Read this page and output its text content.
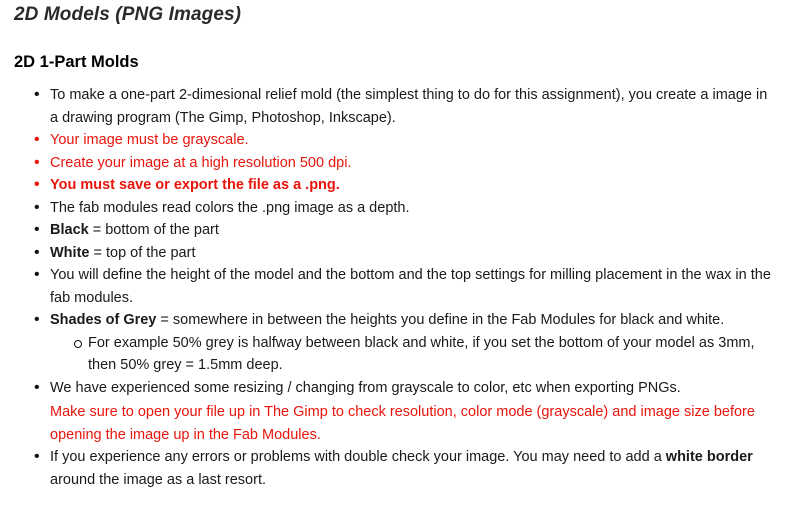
2D Models (PNG Images)
2D 1-Part Molds
• To make a one-part 2-dimesional relief mold (the simplest thing to do for this assignment), you create a image in a drawing program (The Gimp, Photoshop, Inkscape).
• Your image must be grayscale.
• Create your image at a high resolution 500 dpi.
• You must save or export the file as a .png.
• The fab modules read colors the .png image as a depth.
• Black = bottom of the part
• White = top of the part
• You will define the height of the model and the bottom and the top settings for milling placement in the wax in the fab modules.
• Shades of Grey = somewhere in between the heights you define in the Fab Modules for black and white.
For example 50% grey is halfway between black and white, if you set the bottom of your model as 3mm, then 50% grey = 1.5mm deep.
• We have experienced some resizing / changing from grayscale to color, etc when exporting PNGs.
Make sure to open your file up in The Gimp to check resolution, color mode (grayscale) and image size before opening the image up in the Fab Modules.
• If you experience any errors or problems with double check your image. You may need to add a white border around the image as a last resort.
